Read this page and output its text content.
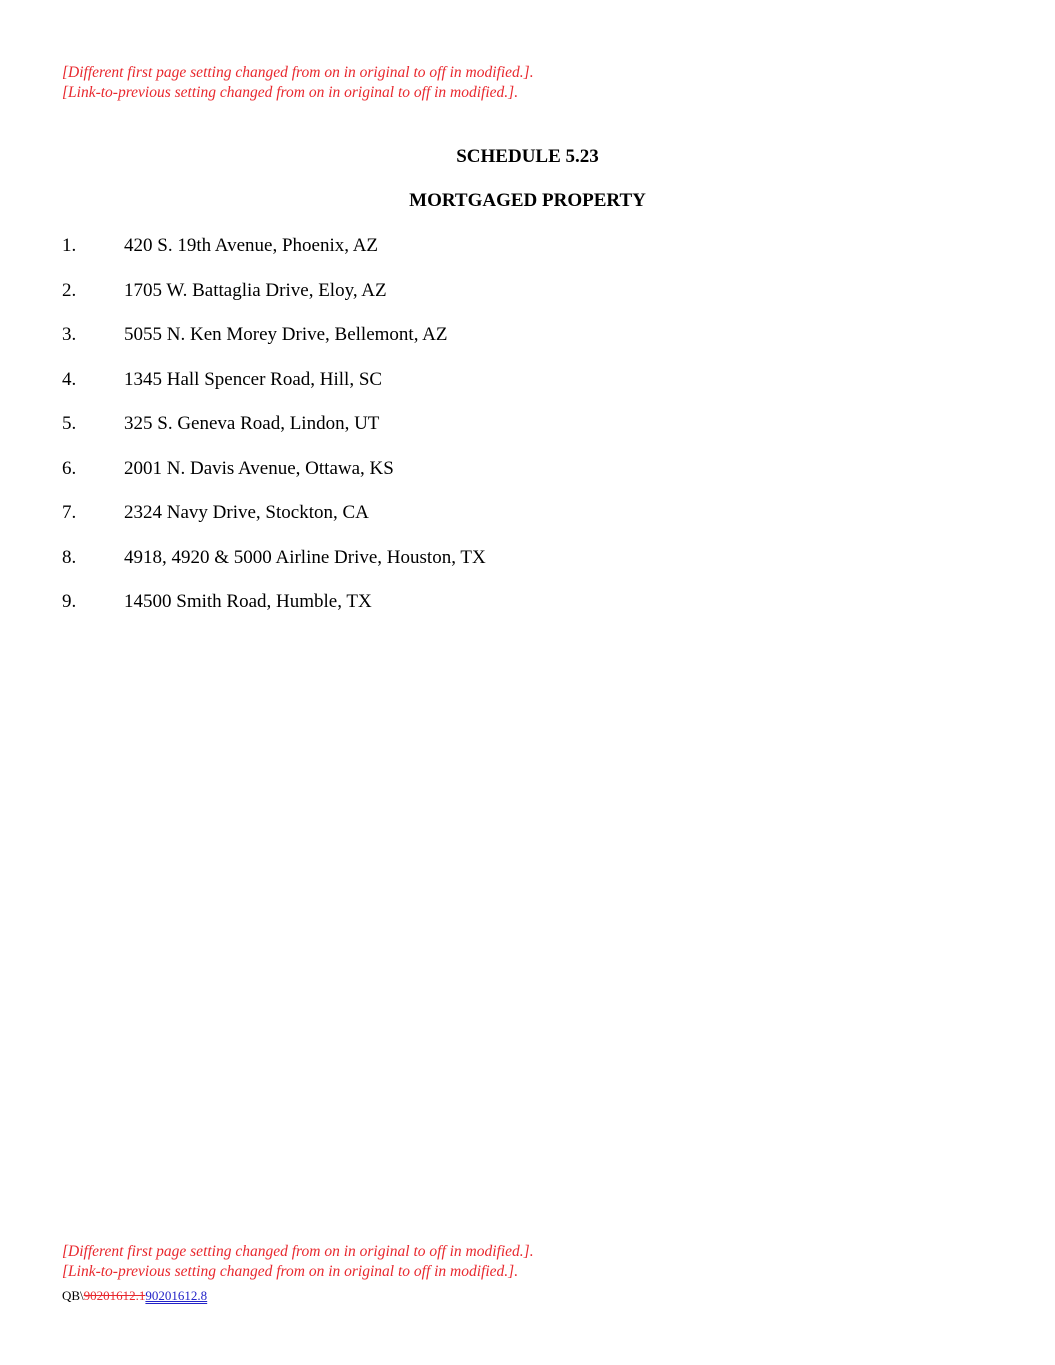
[Different first page setting changed from on in original to off in modified.].
[Link-to-previous setting changed from on in original to off in modified.].
SCHEDULE 5.23
MORTGAGED PROPERTY
1.	420 S. 19th Avenue, Phoenix, AZ
2.	1705 W. Battaglia Drive, Eloy, AZ
3.	5055 N. Ken Morey Drive, Bellemont, AZ
4.	1345 Hall Spencer Road, Hill, SC
5.	325 S. Geneva Road, Lindon, UT
6.	2001 N. Davis Avenue, Ottawa, KS
7.	2324 Navy Drive, Stockton, CA
8.	4918, 4920 & 5000 Airline Drive, Houston, TX
9.	14500 Smith Road, Humble, TX
[Different first page setting changed from on in original to off in modified.].
[Link-to-previous setting changed from on in original to off in modified.].
QB\90201612.190201612.8
